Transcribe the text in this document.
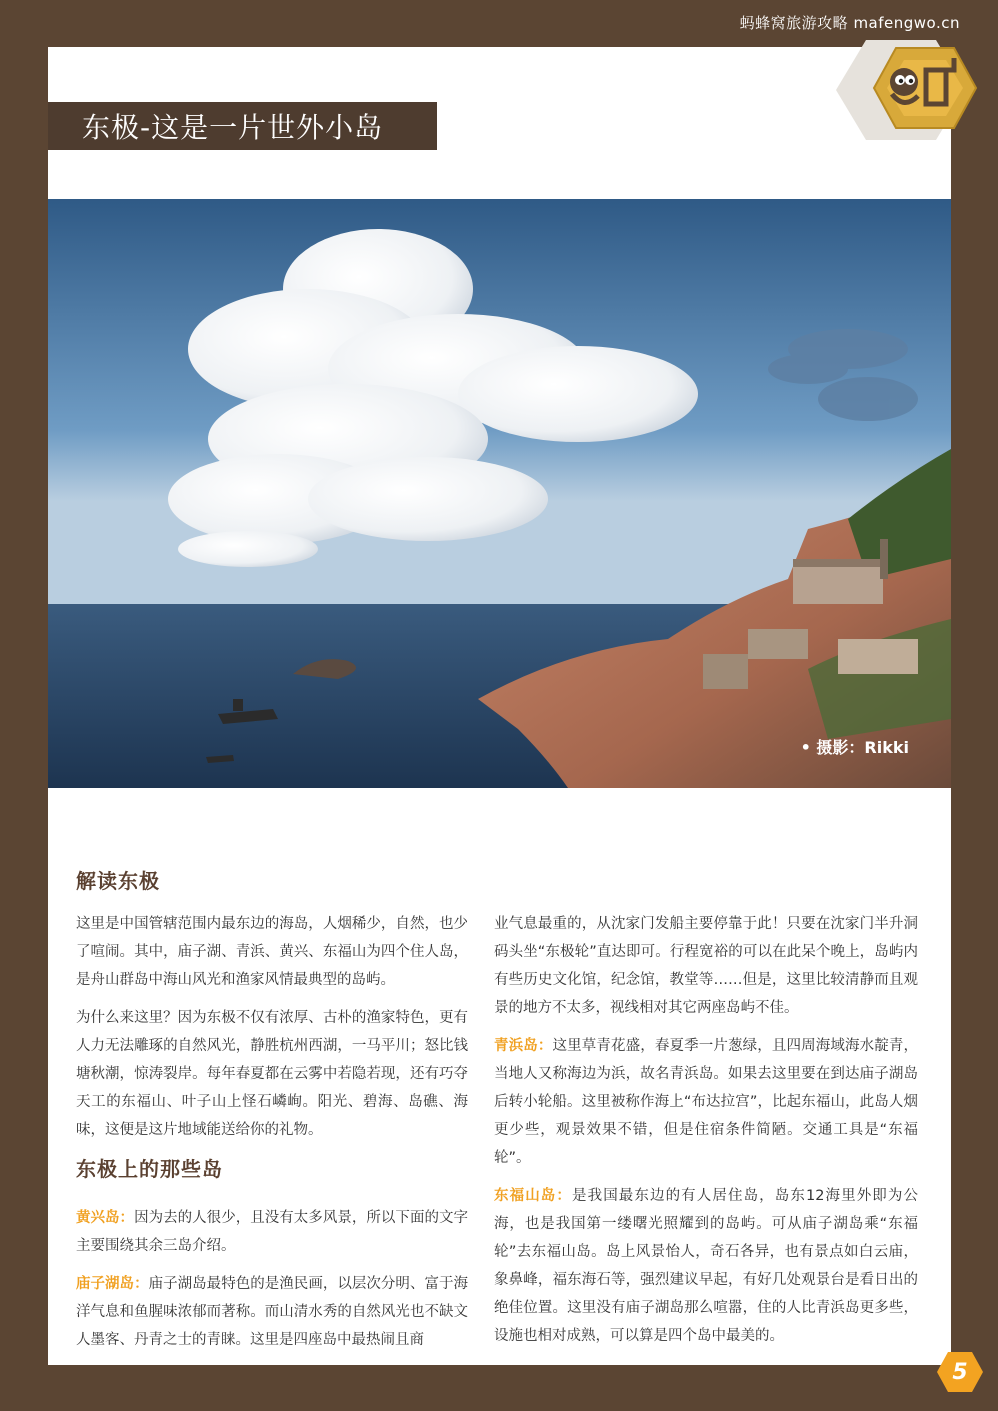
蚂蜂窝旅游攻略 mafengwo.cn
东极-这是一片世外小岛
• 摄影：Rikki
解读东极

这里是中国管辖范围内最东边的海岛，人烟稀少，自然，也少了喧闹。其中，庙子湖、青浜、黄兴、东福山为四个住人岛，是舟山群岛中海山风光和渔家风情最典型的岛屿。

为什么来这里？因为东极不仅有浓厚、古朴的渔家特色，更有人力无法雕琢的自然风光，静胜杭州西湖，一马平川；怒比钱塘秋潮，惊涛裂岸。每年春夏都在云雾中若隐若现，还有巧夺天工的东福山、叶子山上怪石嶙峋。阳光、碧海、岛礁、海味，这便是这片地域能送给你的礼物。

黄兴岛：因为去的人很少，且没有太多风景，所以下面的文字主要围绕其余三岛介绍。

庙子湖岛：庙子湖岛最特色的是渔民画，以层次分明、富于海洋气息和鱼腥味浓郁而著称。而山清水秀的自然风光也不缺文人墨客、丹青之士的青睐。这里是四座岛中最热闹且商

东极上的那些岛

业气息最重的，从沈家门发船主要停靠于此！只要在沈家门半升洞码头坐“东极轮”直达即可。行程宽裕的可以在此呆个晚上，岛屿内有些历史文化馆，纪念馆，教堂等……但是，这里比较清静而且观景的地方不太多，视线相对其它两座岛屿不佳。

青浜岛：这里草青花盛，春夏季一片葱绿，且四周海域海水靛青，当地人又称海边为浜，故名青浜岛。如果去这里要在到达庙子湖岛后转小轮船。这里被称作海上“布达拉宫”，比起东福山，此岛人烟更少些，观景效果不错，但是住宿条件简陋。交通工具是“东福轮”。

东福山岛：是我国最东边的有人居住岛，岛东12海里外即为公海，也是我国第一缕曙光照耀到的岛屿。可从庙子湖岛乘“东福轮”去东福山岛。岛上风景怡人，奇石各异，也有景点如白云庙，象鼻峰，福东海石等，强烈建议早起，有好几处观景台是看日出的绝佳位置。这里没有庙子湖岛那么喧嚣，住的人比青浜岛更多些，设施也相对成熟，可以算是四个岛中最美的。

5
